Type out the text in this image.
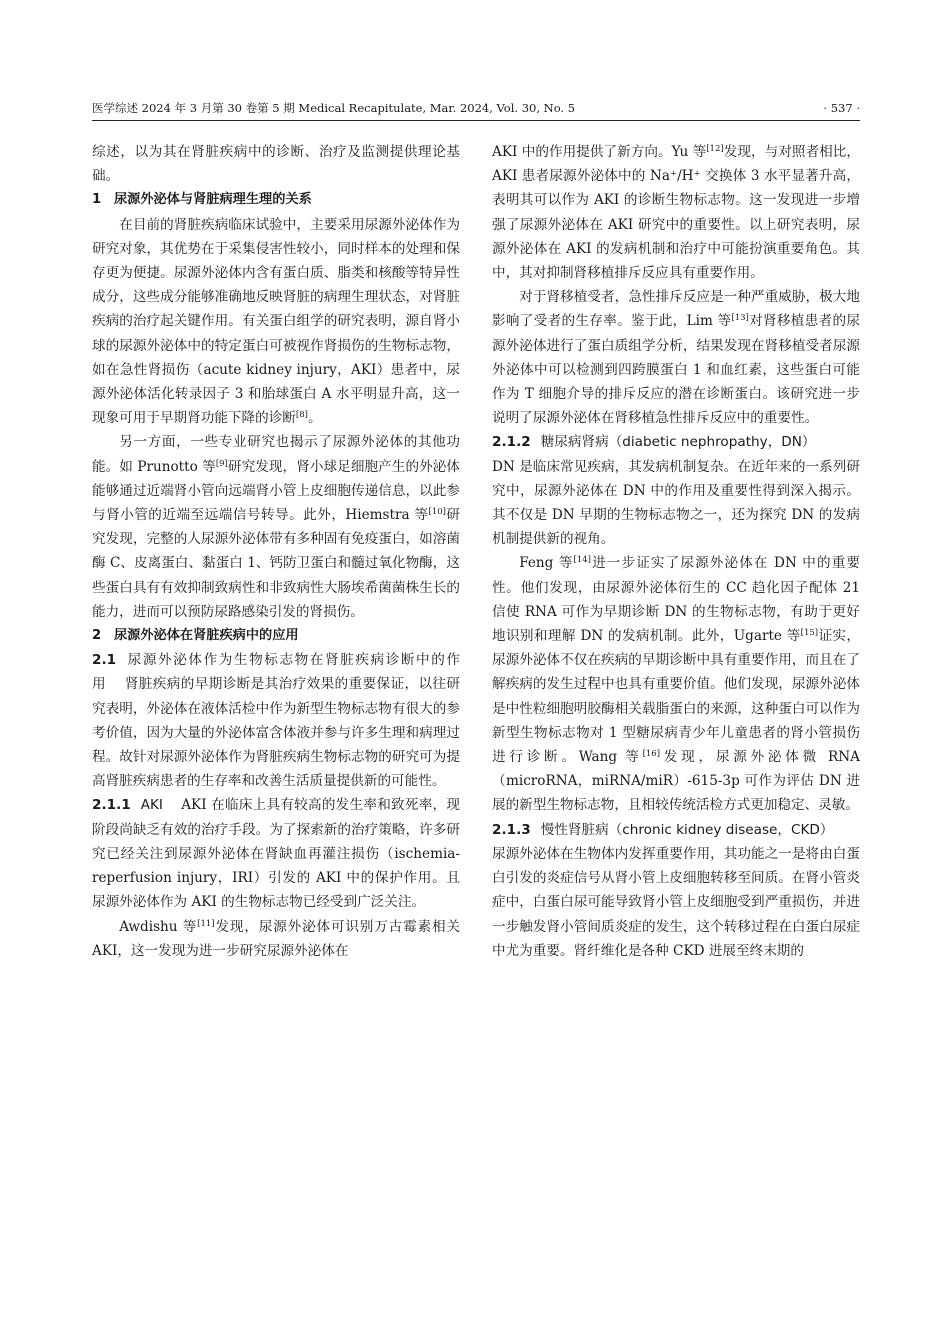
医学综述 2024 年 3 月第 30 卷第 5 期 Medical Recapitulate, Mar. 2024, Vol. 30, No. 5	· 537 ·

综述，以为其在肾脏疾病中的诊断、治疗及监测提供理论基础。

1 尿源外泌体与肾脏病理生理的关系

在目前的肾脏疾病临床试验中，主要采用尿源外泌体作为研究对象，其优势在于采集侵害性较小，同时样本的处理和保存更为便捷。尿源外泌体内含有蛋白质、脂类和核酸等特异性成分，这些成分能够准确地反映肾脏的病理生理状态，对肾脏疾病的治疗起关键作用。有关蛋白组学的研究表明，源自肾小球的尿源外泌体中的特定蛋白可被视作肾损伤的生物标志物，如在急性肾损伤（acute kidney injury，AKI）患者中，尿源外泌体活化转录因子 3 和胎球蛋白 A 水平明显升高，这一现象可用于早期肾功能下降的诊断[8]。

另一方面，一些专业研究也揭示了尿源外泌体的其他功能。如 Prunotto 等[9]研究发现，肾小球足细胞产生的外泌体能够通过近端肾小管向远端肾小管上皮细胞传递信息，以此参与肾小管的近端至远端信号转导。此外，Hiemstra 等[10]研究发现，完整的人尿源外泌体带有多种固有免疫蛋白，如溶菌酶 C、皮离蛋白、黏蛋白 1、钙防卫蛋白和髓过氧化物酶，这些蛋白具有有效抑制致病性和非致病性大肠埃希菌菌株生长的能力，进而可以预防尿路感染引发的肾损伤。

2 尿源外泌体在肾脏疾病中的应用

2.1 尿源外泌体作为生物标志物在肾脏疾病诊断中的作用 肾脏疾病的早期诊断是其治疗效果的重要保证，以往研究表明，外泌体在液体活检中作为新型生物标志物有很大的参考价值，因为大量的外泌体富含体液并参与许多生理和病理过程。故针对尿源外泌体作为肾脏疾病生物标志物的研究可为提高肾脏疾病患者的生存率和改善生活质量提供新的可能性。

2.1.1 AKI AKI 在临床上具有较高的发生率和致死率，现阶段尚缺乏有效的治疗手段。为了探索新的治疗策略，许多研究已经关注到尿源外泌体在肾缺血再灌注损伤（ischemia-reperfusion injury，IRI）引发的 AKI 中的保护作用。且尿源外泌体作为 AKI 的生物标志物已经受到广泛关注。

Awdishu 等[11]发现，尿源外泌体可识别万古霉素相关 AKI，这一发现为进一步研究尿源外泌体在

AKI 中的作用提供了新方向。Yu 等[12]发现，与对照者相比，AKI 患者尿源外泌体中的 Na⁺/H⁺ 交换体 3 水平显著升高，表明其可以作为 AKI 的诊断生物标志物。这一发现进一步增强了尿源外泌体在 AKI 研究中的重要性。以上研究表明，尿源外泌体在 AKI 的发病机制和治疗中可能扮演重要角色。其中，其对抑制肾移植排斥反应具有重要作用。

对于肾移植受者，急性排斥反应是一种严重威胁，极大地影响了受者的生存率。鉴于此，Lim 等[13]对肾移植患者的尿源外泌体进行了蛋白质组学分析，结果发现在肾移植受者尿源外泌体中可以检测到四跨膜蛋白 1 和血红素，这些蛋白可能作为 T 细胞介导的排斥反应的潜在诊断蛋白。该研究进一步说明了尿源外泌体在肾移植急性排斥反应中的重要性。

2.1.2 糖尿病肾病（diabetic nephropathy，DN）

DN 是临床常见疾病，其发病机制复杂。在近年来的一系列研究中，尿源外泌体在 DN 中的作用及重要性得到深入揭示。其不仅是 DN 早期的生物标志物之一，还为探究 DN 的发病机制提供新的视角。

Feng 等[14]进一步证实了尿源外泌体在 DN 中的重要性。他们发现，由尿源外泌体衍生的 CC 趋化因子配体 21 信使 RNA 可作为早期诊断 DN 的生物标志物，有助于更好地识别和理解 DN 的发病机制。此外，Ugarte 等[15]证实，尿源外泌体不仅在疾病的早期诊断中具有重要作用，而且在了解疾病的发生过程中也具有重要价值。他们发现，尿源外泌体是中性粒细胞明胶酶相关载脂蛋白的来源，这种蛋白可以作为新型生物标志物对 1 型糖尿病青少年儿童患者的肾小管损伤进行诊断。Wang 等[16]发现，尿源外泌体微 RNA（microRNA，miRNA/miR）-615-3p 可作为评估 DN 进展的新型生物标志物，且相较传统活检方式更加稳定、灵敏。

2.1.3 慢性肾脏病（chronic kidney disease，CKD）

尿源外泌体在生物体内发挥重要作用，其功能之一是将由白蛋白引发的炎症信号从肾小管上皮细胞转移至间质。在肾小管炎症中，白蛋白尿可能导致肾小管上皮细胞受到严重损伤，并进一步触发肾小管间质炎症的发生，这个转移过程在白蛋白尿症中尤为重要。肾纤维化是各种 CKD 进展至终末期的
